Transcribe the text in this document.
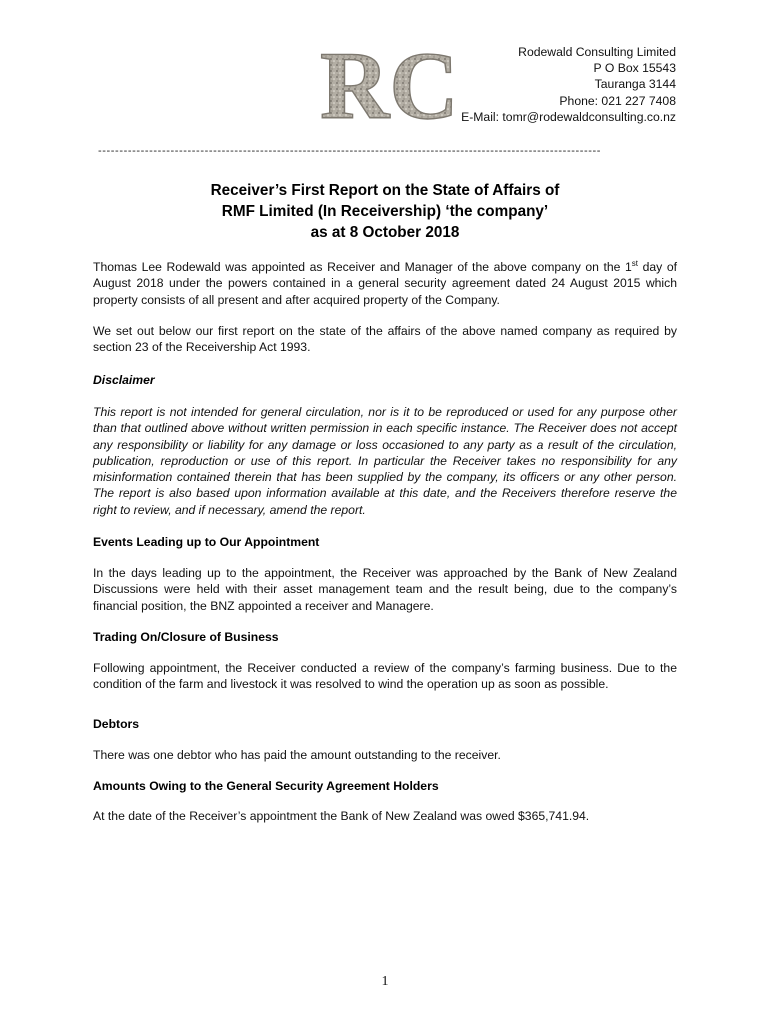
RC	Rodewald Consulting Limited
P O Box 15543
Tauranga 3144
Phone: 021 227 7408
E-Mail: tomr@rodewaldconsulting.co.nz
----------------------------------------------------------------------------------------------------------------------
Receiver’s First Report on the State of Affairs of
RMF Limited (In Receivership) ‘the company’
as at 8 October 2018
Thomas Lee Rodewald was appointed as Receiver and Manager of the above company on the 1st day of August 2018 under the powers contained in a general security agreement dated 24 August 2015 which property consists of all present and after acquired property of the Company.
We set out below our first report on the state of the affairs of the above named company as required by section 23 of the Receivership Act 1993.
Disclaimer
This report is not intended for general circulation, nor is it to be reproduced or used for any purpose other than that outlined above without written permission in each specific instance. The Receiver does not accept any responsibility or liability for any damage or loss occasioned to any party as a result of the circulation, publication, reproduction or use of this report. In particular the Receiver takes no responsibility for any misinformation contained therein that has been supplied by the company, its officers or any other person. The report is also based upon information available at this date, and the Receivers therefore reserve the right to review, and if necessary, amend the report.
Events Leading up to Our Appointment
In the days leading up to the appointment, the Receiver was approached by the Bank of New Zealand Discussions were held with their asset management team and the result being, due to the company’s financial position, the BNZ appointed a receiver and Managere.
Trading On/Closure of Business
Following appointment, the Receiver conducted a review of the company’s farming business. Due to the condition of the farm and livestock it was resolved to wind the operation up as soon as possible.
Debtors
There was one debtor who has paid the amount outstanding to the receiver.
Amounts Owing to the General Security Agreement Holders
At the date of the Receiver’s appointment the Bank of New Zealand was owed $365,741.94.
1
